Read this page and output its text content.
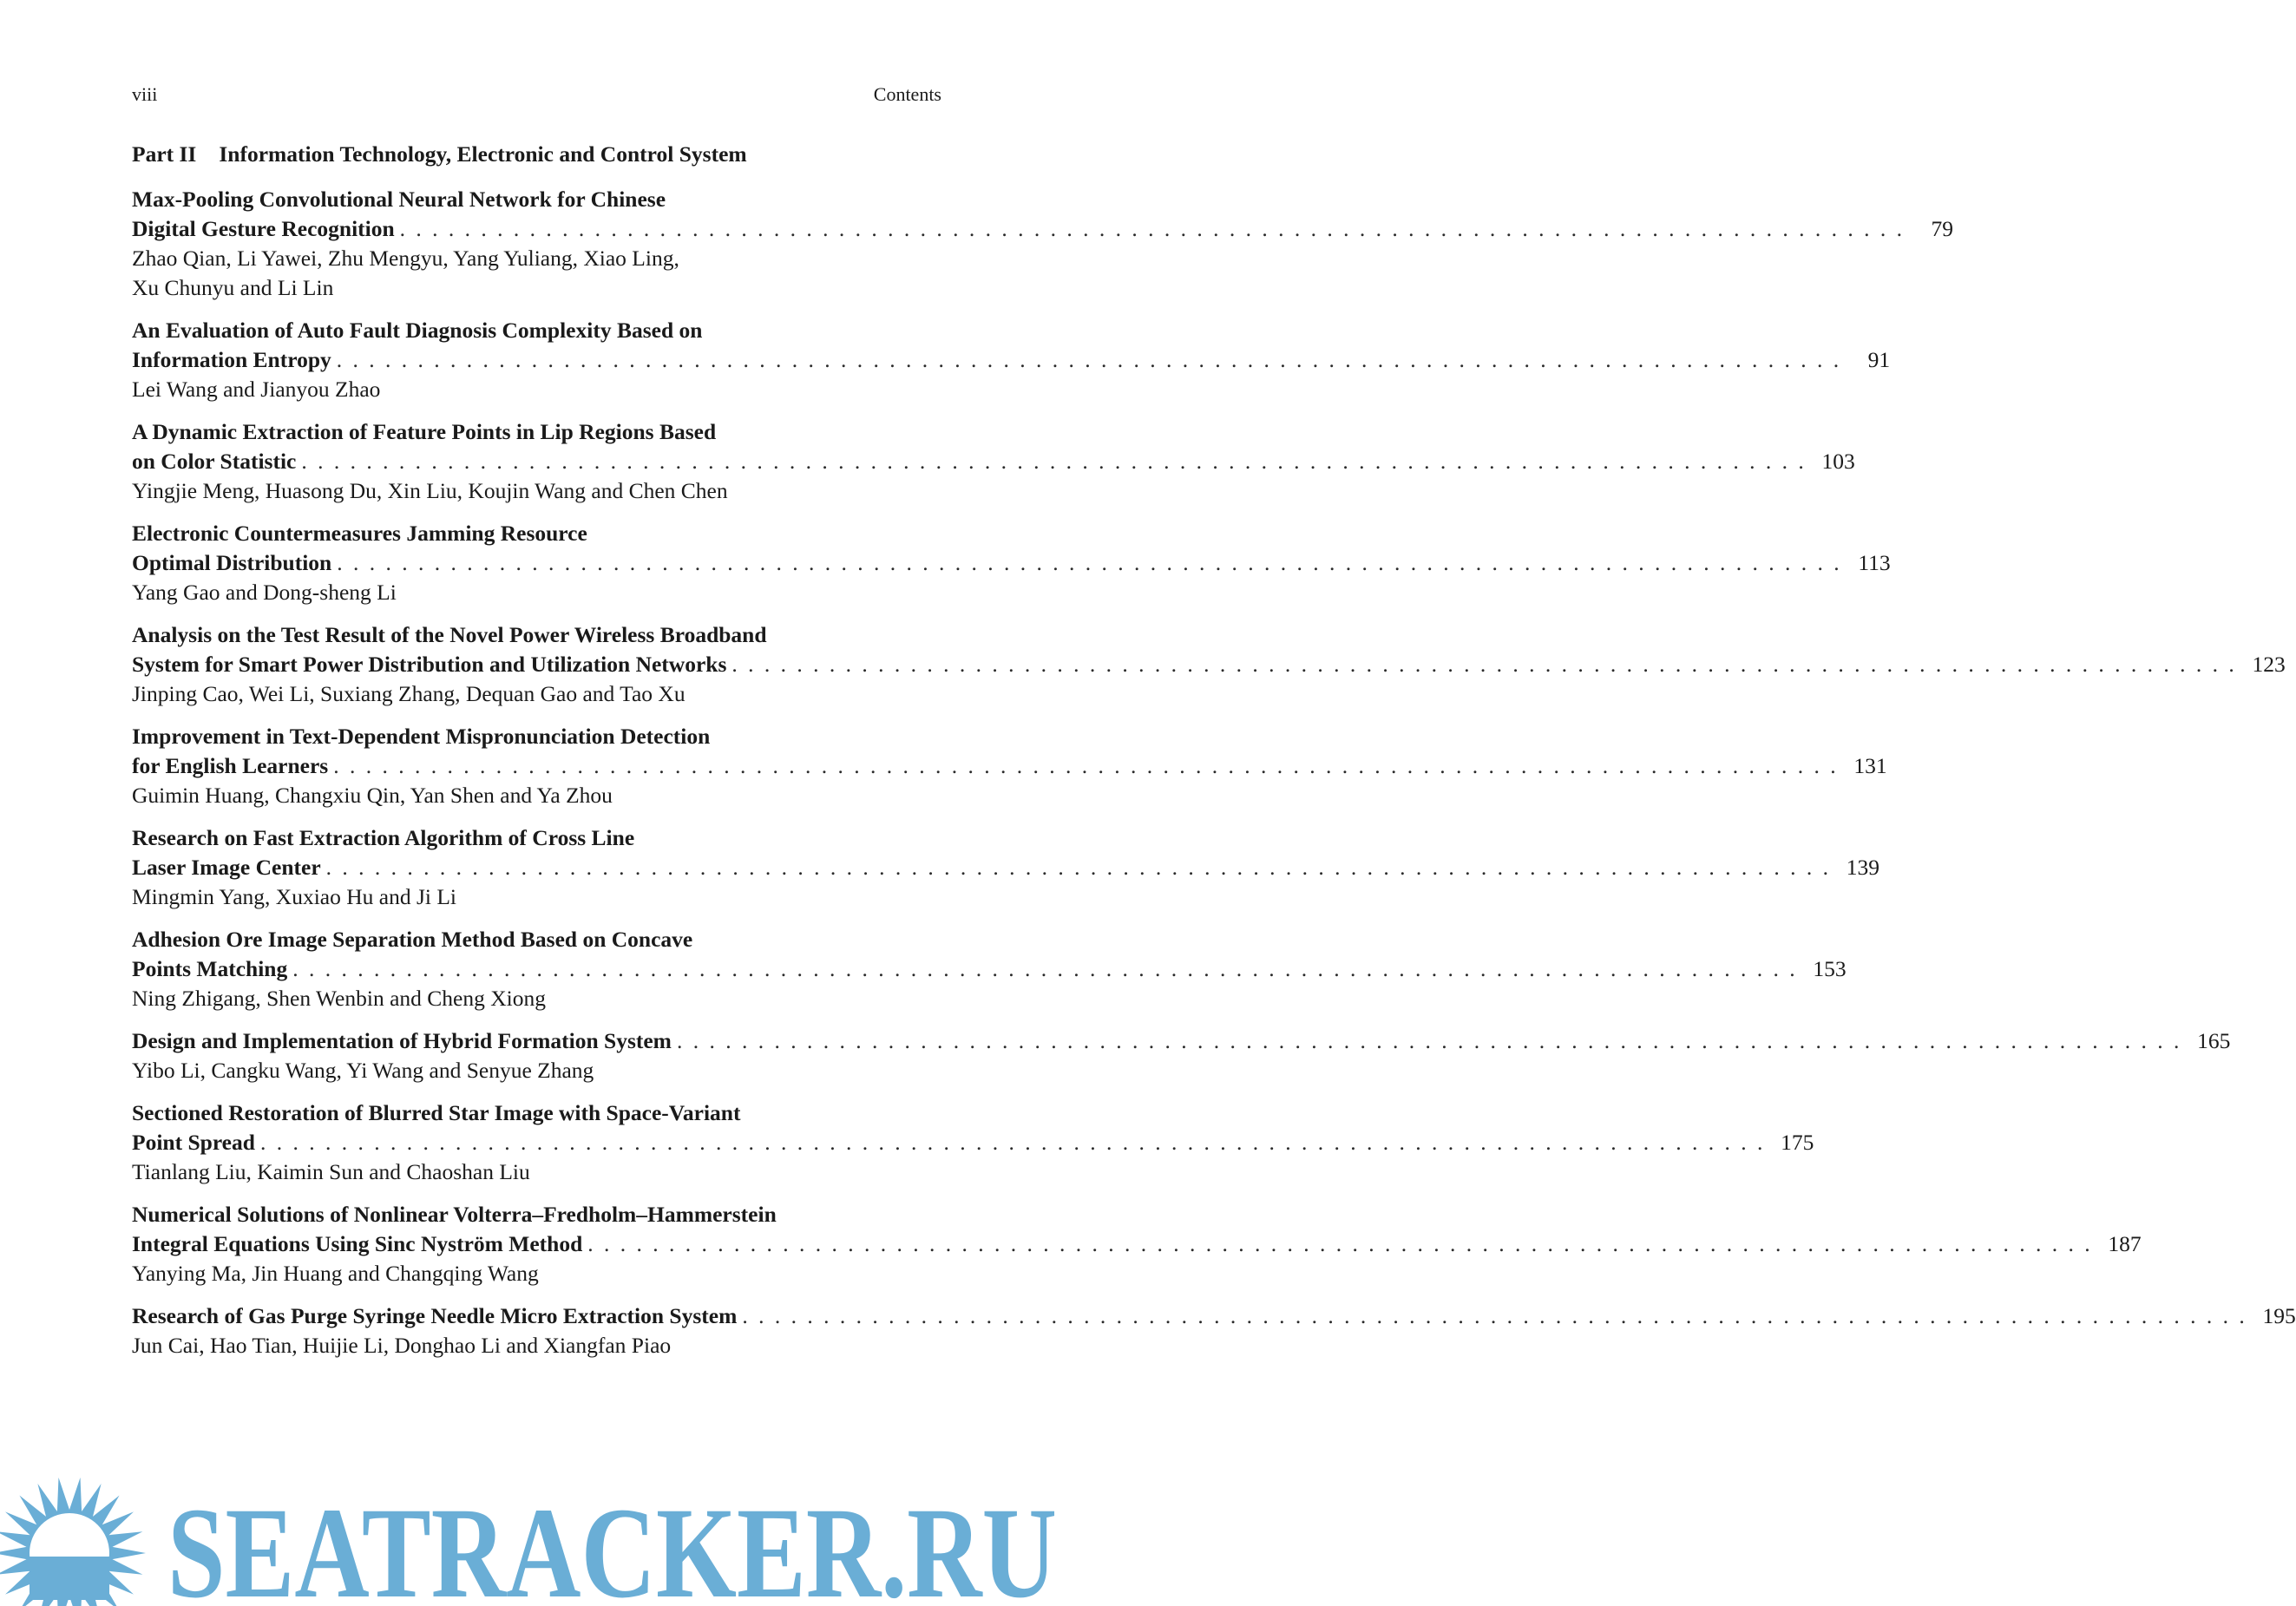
viii	Contents
Part II Information Technology, Electronic and Control System
Max-Pooling Convolutional Neural Network for Chinese
Digital Gesture Recognition . . .	79
Zhao Qian, Li Yawei, Zhu Mengyu, Yang Yuliang, Xiao Ling,
Xu Chunyu and Li Lin
An Evaluation of Auto Fault Diagnosis Complexity Based on
Information Entropy . . .	91
Lei Wang and Jianyou Zhao
A Dynamic Extraction of Feature Points in Lip Regions Based
on Color Statistic . . .	103
Yingjie Meng, Huasong Du, Xin Liu, Koujin Wang and Chen Chen
Electronic Countermeasures Jamming Resource
Optimal Distribution . . .	113
Yang Gao and Dong-sheng Li
Analysis on the Test Result of the Novel Power Wireless Broadband
System for Smart Power Distribution and Utilization Networks . . .	123
Jinping Cao, Wei Li, Suxiang Zhang, Dequan Gao and Tao Xu
Improvement in Text-Dependent Mispronunciation Detection
for English Learners . . .	131
Guimin Huang, Changxiu Qin, Yan Shen and Ya Zhou
Research on Fast Extraction Algorithm of Cross Line
Laser Image Center . . .	139
Mingmin Yang, Xuxiao Hu and Ji Li
Adhesion Ore Image Separation Method Based on Concave
Points Matching . . .	153
Ning Zhigang, Shen Wenbin and Cheng Xiong
Design and Implementation of Hybrid Formation System . . .	165
Yibo Li, Cangku Wang, Yi Wang and Senyue Zhang
Sectioned Restoration of Blurred Star Image with Space-Variant
Point Spread . . .	175
Tianlang Liu, Kaimin Sun and Chaoshan Liu
Numerical Solutions of Nonlinear Volterra–Fredholm–Hammerstein
Integral Equations Using Sinc Nyström Method . . .	187
Yanying Ma, Jin Huang and Changqing Wang
Research of Gas Purge Syringe Needle Micro Extraction System . . .	195
Jun Cai, Hao Tian, Huijie Li, Donghao Li and Xiangfan Piao
SEATRACKER.RU
